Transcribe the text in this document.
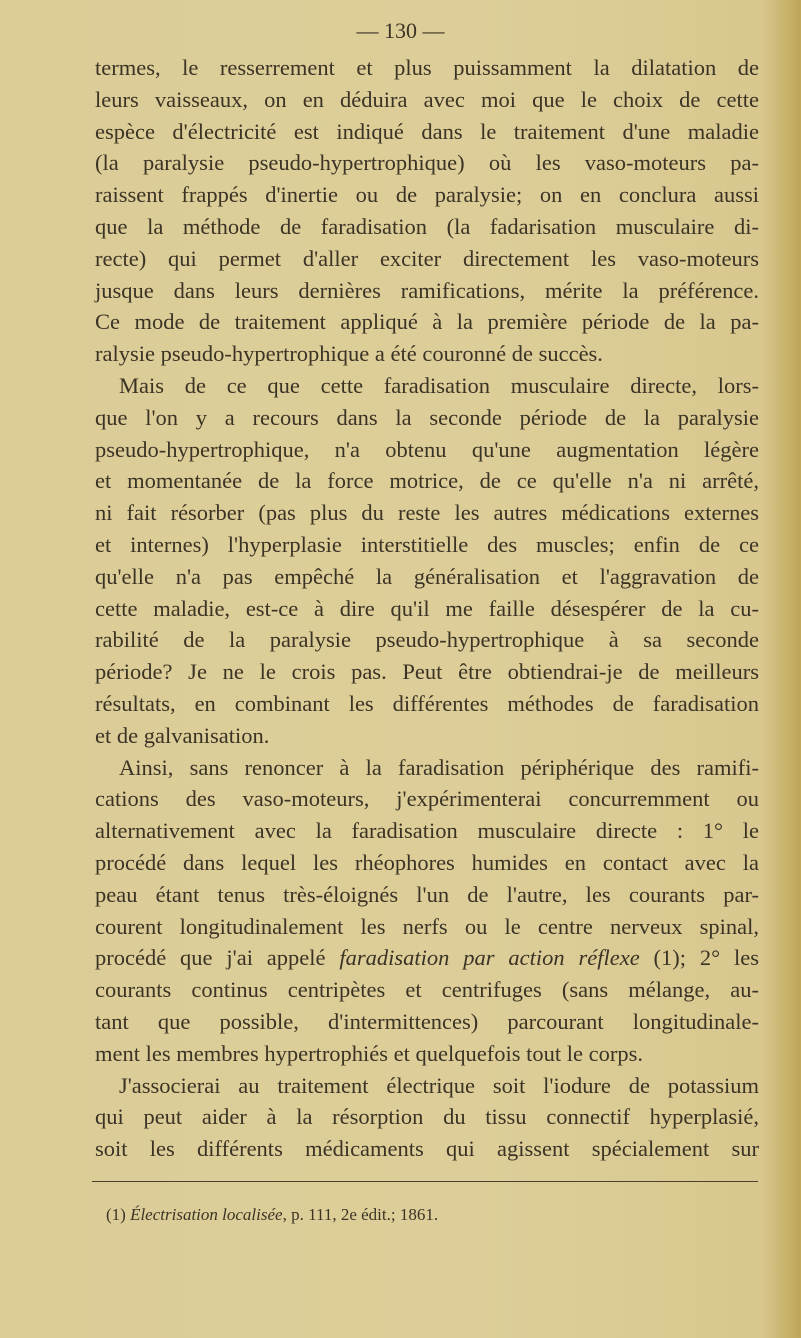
— 130 —
termes, le resserrement et plus puissamment la dilatation de
leurs vaisseaux, on en déduira avec moi que le choix de cette
espèce d'électricité est indiqué dans le traitement d'une maladie
(la paralysie pseudo-hypertrophique) où les vaso-moteurs pa-
raissent frappés d'inertie ou de paralysie; on en conclura aussi
que la méthode de faradisation (la fadarisation musculaire di-
recte) qui permet d'aller exciter directement les vaso-moteurs
jusque dans leurs dernières ramifications, mérite la préférence.
Ce mode de traitement appliqué à la première période de la pa-
ralysie pseudo-hypertrophique a été couronné de succès.
Mais de ce que cette faradisation musculaire directe, lors-
que l'on y a recours dans la seconde période de la paralysie
pseudo-hypertrophique, n'a obtenu qu'une augmentation légère
et momentanée de la force motrice, de ce qu'elle n'a ni arrêté,
ni fait résorber (pas plus du reste les autres médications externes
et internes) l'hyperplasie interstitielle des muscles; enfin de ce
qu'elle n'a pas empêché la généralisation et l'aggravation de
cette maladie, est-ce à dire qu'il me faille désespérer de la cu-
rabilité de la paralysie pseudo-hypertrophique à sa seconde
période? Je ne le crois pas. Peut être obtiendrai-je de meilleurs
résultats, en combinant les différentes méthodes de faradisation
et de galvanisation.
Ainsi, sans renoncer à la faradisation périphérique des ramifi-
cations des vaso-moteurs, j'expérimenterai concurremment ou
alternativement avec la faradisation musculaire directe : 1° le
procédé dans lequel les rhéophores humides en contact avec la
peau étant tenus très-éloignés l'un de l'autre, les courants par-
courent longitudinalement les nerfs ou le centre nerveux spinal,
procédé que j'ai appelé faradisation par action réflexe (1); 2° les
courants continus centripètes et centrifuges (sans mélange, au-
tant que possible, d'intermittences) parcourant longitudinale-
ment les membres hypertrophiés et quelquefois tout le corps.
J'associerai au traitement électrique soit l'iodure de potassium
qui peut aider à la résorption du tissu connectif hyperplasié,
soit les différents médicaments qui agissent spécialement sur
(1) Électrisation localisée, p. 111, 2e édit.; 1861.
